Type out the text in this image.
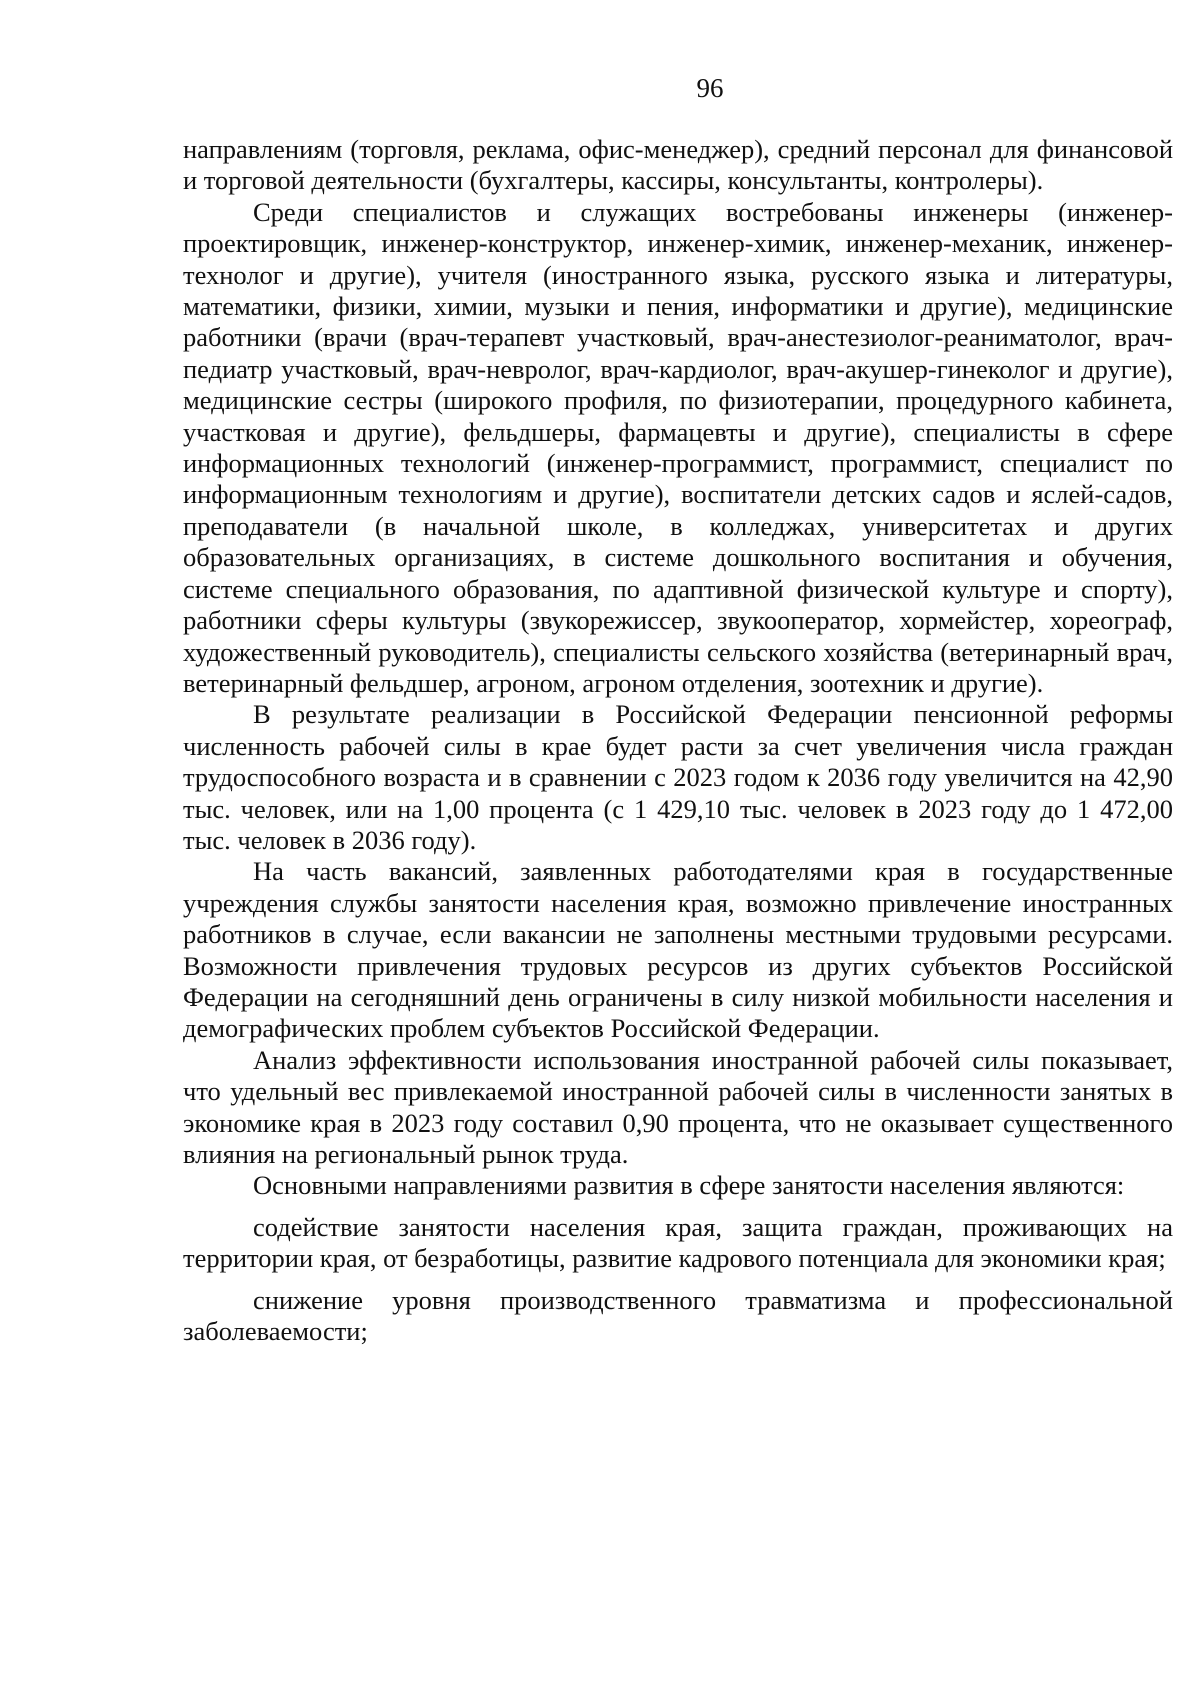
96

направлениям (торговля, реклама, офис-менеджер), средний персонал для финансовой и торговой деятельности (бухгалтеры, кассиры, консультанты, контролеры).

Среди специалистов и служащих востребованы инженеры (инженер-проектировщик, инженер-конструктор, инженер-химик, инженер-механик, инженер-технолог и другие), учителя (иностранного языка, русского языка и литературы, математики, физики, химии, музыки и пения, информатики и другие), медицинские работники (врачи (врач-терапевт участковый, врач-анестезиолог-реаниматолог, врач-педиатр участковый, врач-невролог, врач-кардиолог, врач-акушер-гинеколог и другие), медицинские сестры (широкого профиля, по физиотерапии, процедурного кабинета, участковая и другие), фельдшеры, фармацевты и другие), специалисты в сфере информационных технологий (инженер-программист, программист, специалист по информационным технологиям и другие), воспитатели детских садов и яслей-садов, преподаватели (в начальной школе, в колледжах, университетах и других образовательных организациях, в системе дошкольного воспитания и обучения, системе специального образования, по адаптивной физической культуре и спорту), работники сферы культуры (звукорежиссер, звукооператор, хормейстер, хореограф, художественный руководитель), специалисты сельского хозяйства (ветеринарный врач, ветеринарный фельдшер, агроном, агроном отделения, зоотехник и другие).

В результате реализации в Российской Федерации пенсионной реформы численность рабочей силы в крае будет расти за счет увеличения числа граждан трудоспособного возраста и в сравнении с 2023 годом к 2036 году увеличится на 42,90 тыс. человек, или на 1,00 процента (с 1 429,10 тыс. человек в 2023 году до 1 472,00 тыс. человек в 2036 году).

На часть вакансий, заявленных работодателями края в государственные учреждения службы занятости населения края, возможно привлечение иностранных работников в случае, если вакансии не заполнены местными трудовыми ресурсами. Возможности привлечения трудовых ресурсов из других субъектов Российской Федерации на сегодняшний день ограничены в силу низкой мобильности населения и демографических проблем субъектов Российской Федерации.

Анализ эффективности использования иностранной рабочей силы показывает, что удельный вес привлекаемой иностранной рабочей силы в численности занятых в экономике края в 2023 году составил 0,90 процента, что не оказывает существенного влияния на региональный рынок труда.

Основными направлениями развития в сфере занятости населения являются:

содействие занятости населения края, защита граждан, проживающих на территории края, от безработицы, развитие кадрового потенциала для экономики края;

снижение уровня производственного травматизма и профессиональной заболеваемости;
